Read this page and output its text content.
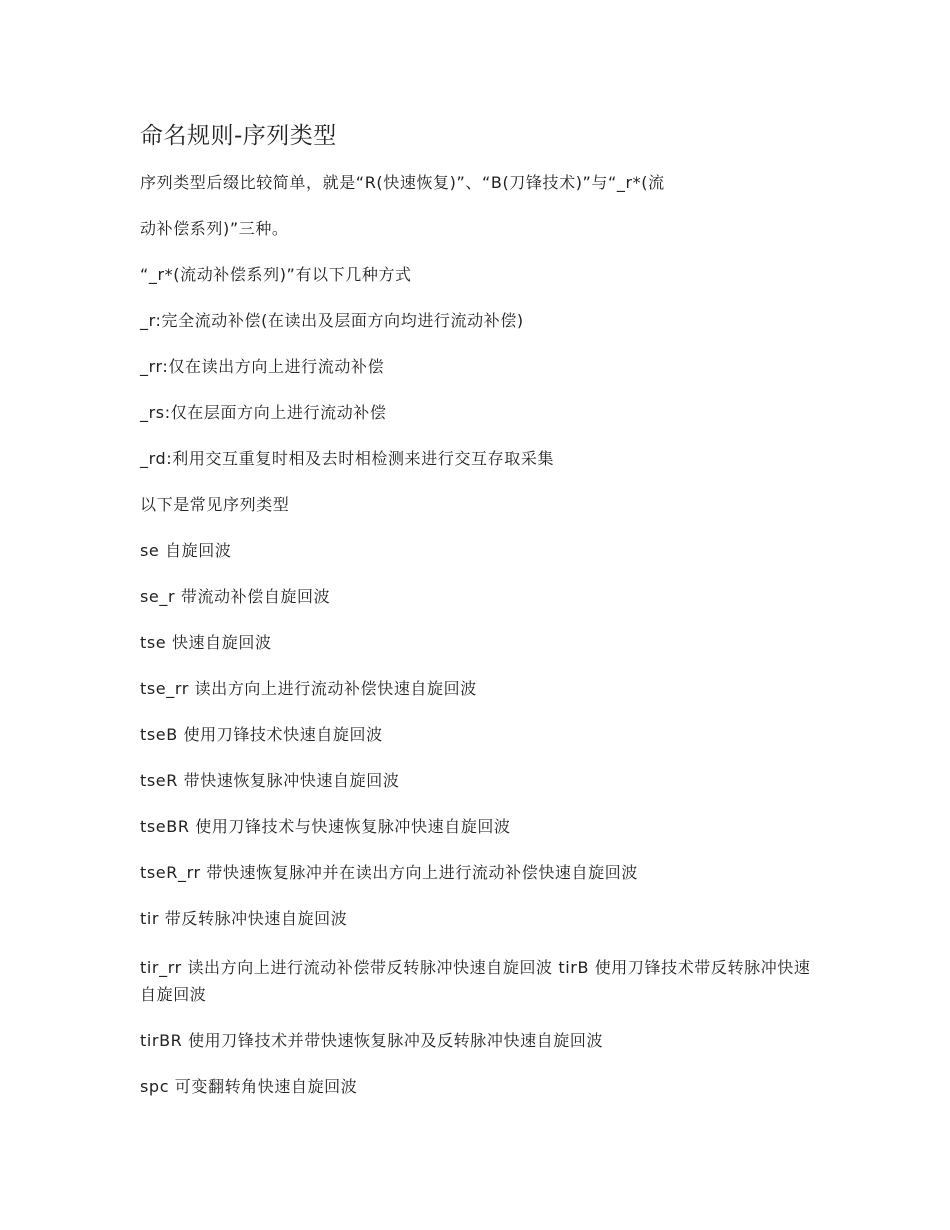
命名规则-序列类型

序列类型后缀比较简单，就是“R(快速恢复)”、“B(刀锋技术)”与“_r*(流

动补偿系列)”三种。

“_r*(流动补偿系列)”有以下几种方式

_r:完全流动补偿(在读出及层面方向均进行流动补偿)

_rr:仅在读出方向上进行流动补偿

_rs:仅在层面方向上进行流动补偿

_rd:利用交互重复时相及去时相检测来进行交互存取采集

以下是常见序列类型

se 自旋回波

se_r 带流动补偿自旋回波

tse 快速自旋回波

tse_rr 读出方向上进行流动补偿快速自旋回波

tseB 使用刀锋技术快速自旋回波

tseR 带快速恢复脉冲快速自旋回波

tseBR 使用刀锋技术与快速恢复脉冲快速自旋回波

tseR_rr 带快速恢复脉冲并在读出方向上进行流动补偿快速自旋回波

tir 带反转脉冲快速自旋回波

tir_rr 读出方向上进行流动补偿带反转脉冲快速自旋回波 tirB 使用刀锋技术带反转脉冲快速自旋回波

tirBR 使用刀锋技术并带快速恢复脉冲及反转脉冲快速自旋回波

spc 可变翻转角快速自旋回波
